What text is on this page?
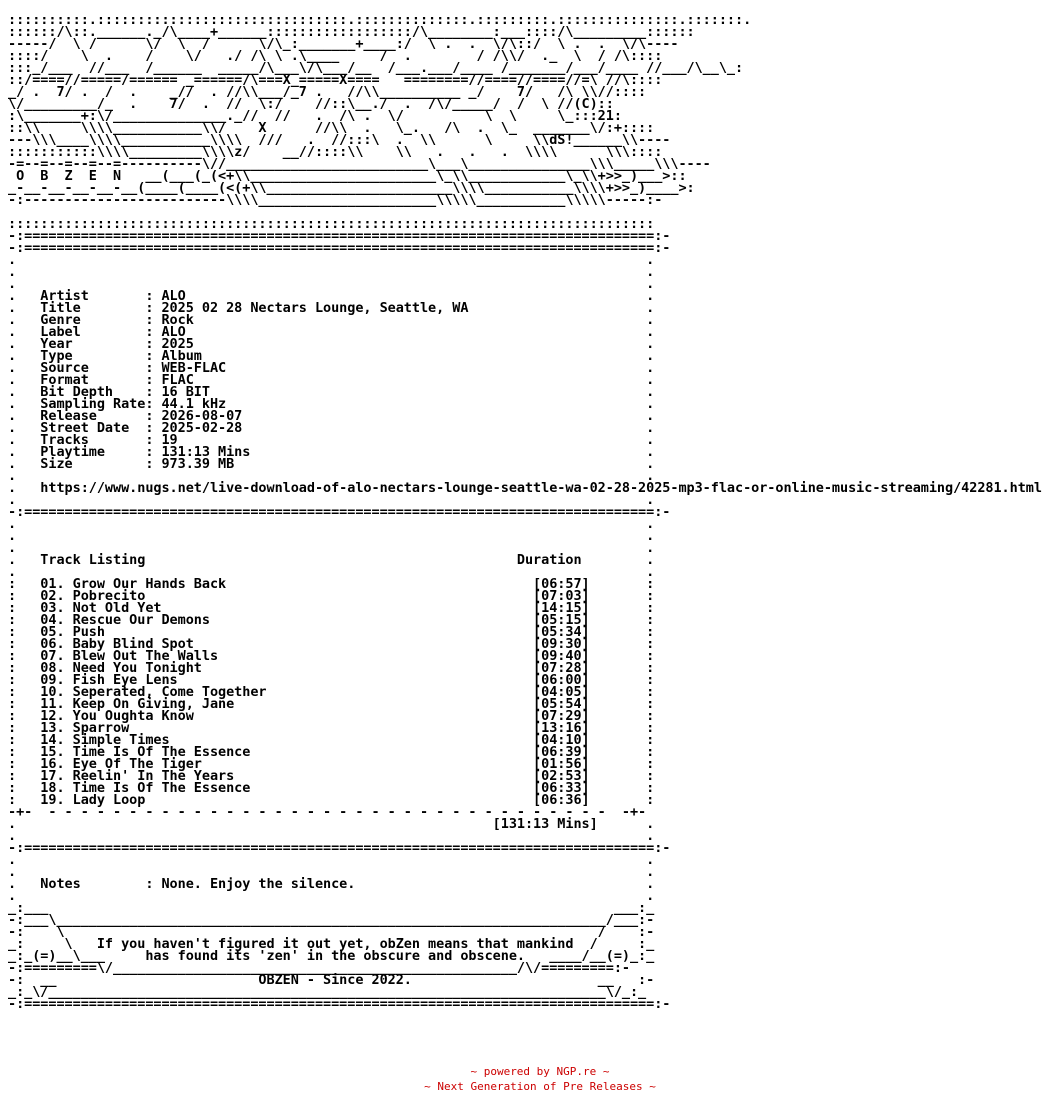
::::::::::.:::::::::::::::::::::::::::::::.::::::::::::::.:::::::::.:::::::::::::::.:::::::.
::::::/\::.______._/\____+______::::::::::::::::::/\________:___::::/\_________::::::
-----/  \ /      \/  \  /      \/\_:_______+____:/  \ .  .  \/\::/  \ .  .  \/\----
::::/    \  .    /    \/   ./ /\ \ .\____     /  .        / /\\/  ._  \  / /\::::
:::_/___  //___  /______  _____/\___\/\___/__  /___.___/____ /_______/___/____ //___/\__\_:
::/====//=====/====== _======/\===X_=====X====   ========//====//====//=\ //\::::
_/ .  7/ .  /  .    _//  . //\\___/_7 .   //\\__________ _/    7/   /\ \\//::::
\/_________/_  .    7/  .  //  \:/    //::\__./  .  /\/_____/  /  \ //(C)::
:\_______+:\/______________._//  //   .  /\ .  \/          \  \     \_:::21:
::\\     \\\\___________\\/    X      //\\  .   \_.   /\  .  \_  _______\/:+::::
---\\\____\\\\___________\\\\  ///   .  //:::\  .  \\      \     \\dS!______\\----
:::::::::::\\\\_________\\\\z/    __//::::\\    \\   .   .   .  \\\\      \\\::::
-=--=--=--=--=----------\//_________________________\___\_______________\\\_____\\\----
O  B  Z  E  N   __(___(_(<+\\_______________________\_\\____________\_\\+>>_)___>::
_-__-__-__-__-__(____(____(<(+\\_______________________\\\\___________\\\\+>>_)____>:
-:-------------------------\\\\______________________\\\\\___________\\\\\-----:-

::::::::::::::::::::::::::::::::::::::::::::::::::::::::::::::::::::::::::::::::
-:==============================================================================:-
-:==============================================================================:-
.                                                                              .
.                                                                              .
.                                                                              .
.   Artist       : ALO                                                         .
.   Title        : 2025 02 28 Nectars Lounge, Seattle, WA                      .
.   Genre        : Rock                                                        .
.   Label        : ALO                                                         .
.   Year         : 2025                                                        .
.   Type         : Album                                                       .
.   Source       : WEB-FLAC                                                    .
.   Format       : FLAC                                                        .
.   Bit Depth    : 16 BIT                                                      .
.   Sampling Rate: 44.1 kHz                                                    .
.   Release      : 2026-08-07                                                  .
.   Street Date  : 2025-02-28                                                  .
.   Tracks       : 19                                                          .
.   Playtime     : 131:13 Mins                                                 .
.   Size         : 973.39 MB                                                   .
.                                                                              .
.   https://www.nugs.net/live-download-of-alo-nectars-lounge-seattle-wa-02-28-2025-mp3-flac-or-online-music-streaming/42281.html
.                                                                              .
-:==============================================================================:-
.                                                                              .
.                                                                              .
.                                                                              .
.   Track Listing                                              Duration        .
.                                                                              .
:   01. Grow Our Hands Back                                      [06:57]       :
:   02. Pobrecito                                                [07:03]       :
:   03. Not Old Yet                                              [14:15]       :
:   04. Rescue Our Demons                                        [05:15]       :
:   05. Push                                                     [05:34]       :
:   06. Baby Blind Spot                                          [09:30]       :
:   07. Blew Out The Walls                                       [09:40]       :
:   08. Need You Tonight                                         [07:28]       :
:   09. Fish Eye Lens                                            [06:00]       :
:   10. Seperated, Come Together                                 [04:05]       :
:   11. Keep On Giving, Jane                                     [05:54]       :
:   12. You Oughta Know                                          [07:29]       :
:   13. Sparrow                                                  [13:16]       :
:   14. Simple Times                                             [04:10]       :
:   15. Time Is Of The Essence                                   [06:39]       :
:   16. Eye Of The Tiger                                         [01:56]       :
:   17. Reelin' In The Years                                     [02:53]       :
:   18. Time Is Of The Essence                                   [06:33]       :
:   19. Lady Loop                                                [06:36]       :
-+-  - - - - - - - - - - - - - - - - - - - - - - - - - - - - - - - - - - -  -+-
.                                                           [131:13 Mins]      .
.                                                                              .
-:==============================================================================:-
.                                                                              .
.                                                                              .
.   Notes        : None. Enjoy the silence.                                    .
.                                                                              .
_:___                                                                      ___:_
-:___\____________________________________________________________________/___:-
-:    \                                                                  /    :-
_:     \   If you haven't figured it out yet, obZen means that mankind  /     :_
_:_(=)__\___     has found its 'zen' in the obscure and obscene.   ____/__(=)_:_
-:=========\/__________________________________________________/\/=========:-
-:  __                         OBZEN - Since 2022.                       __   :-
_:_\/_____________________________________________________________________\/_:_
-:==============================================================================:-
~ powered by NGP.re ~
~ Next Generation of Pre Releases ~
